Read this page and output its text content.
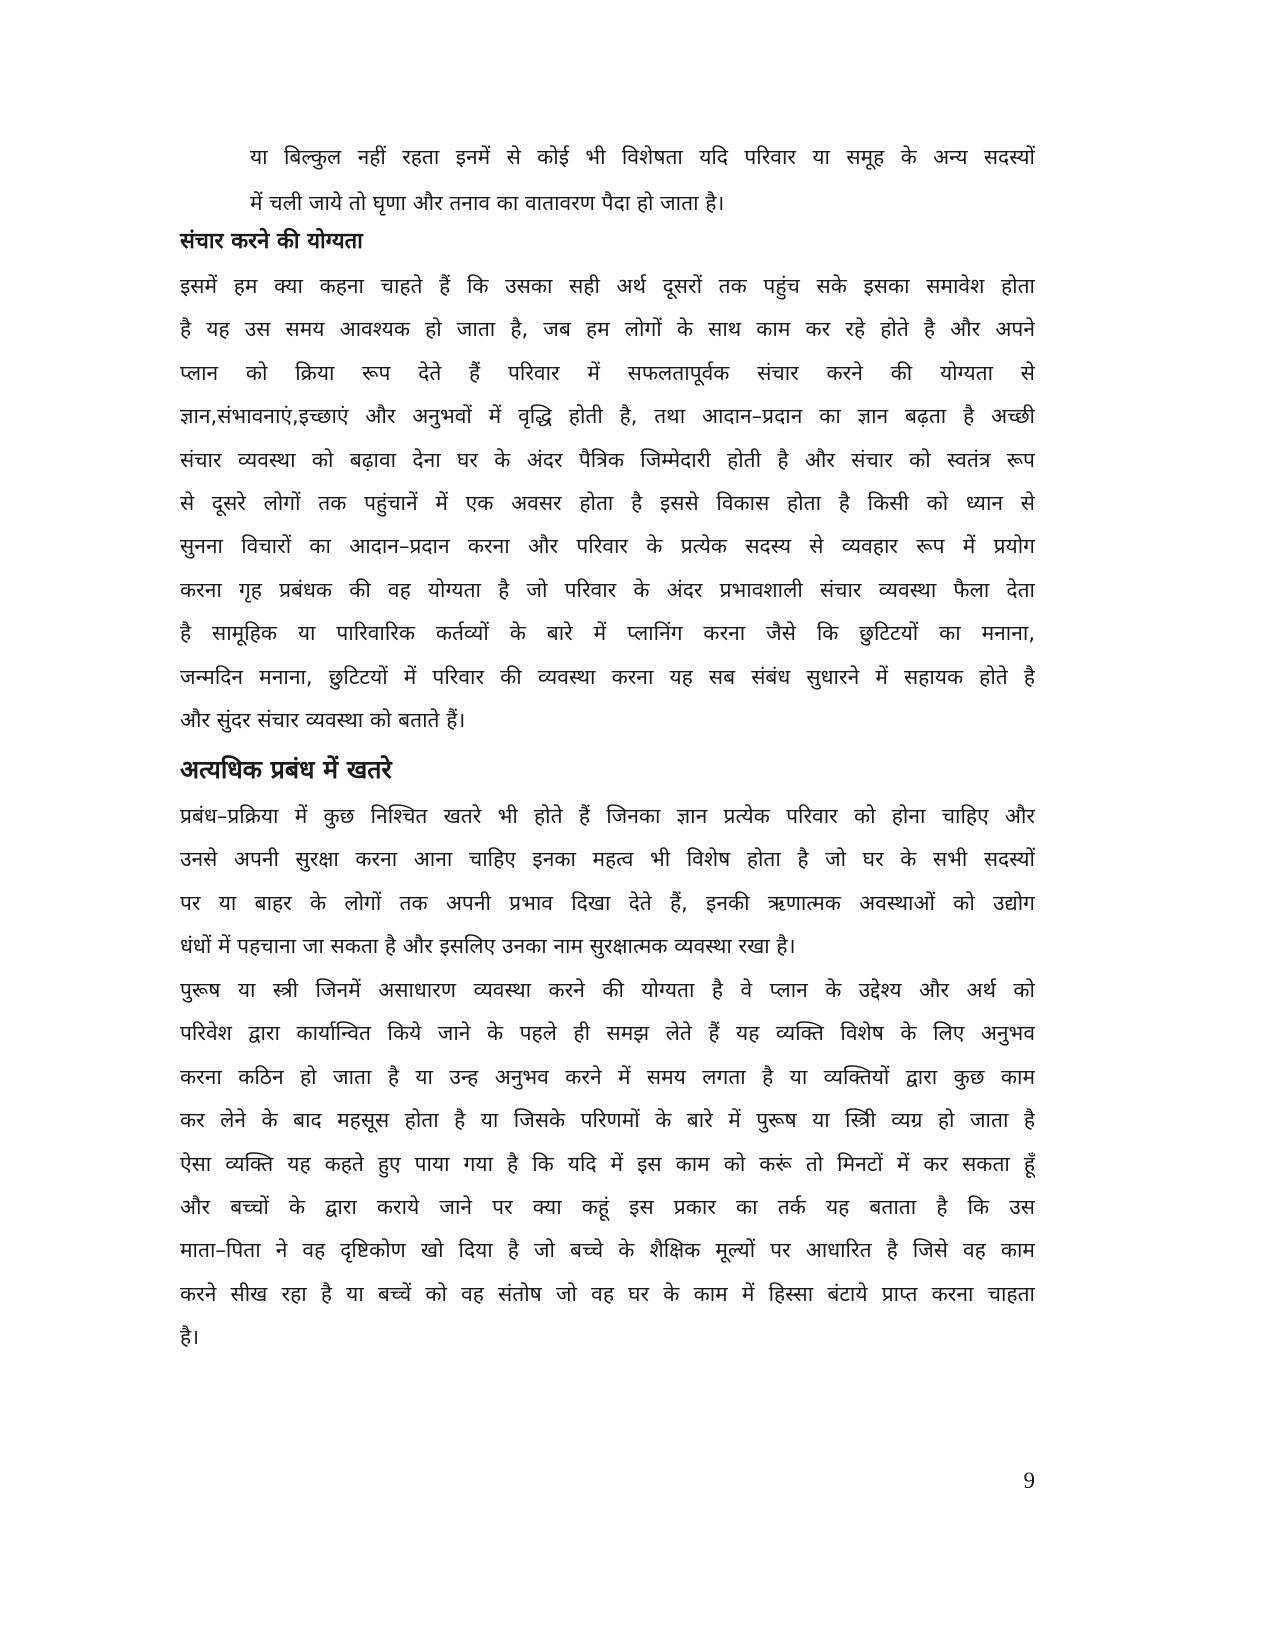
या बिल्कुल नहीं रहता इनमें से कोई भी विशेषता यदि परिवार या समूह के अन्य सदस्यों
में चली जाये तो घृणा और तनाव का वातावरण पैदा हो जाता है।
संचार करने की योग्यता
इसमें हम क्या कहना चाहते हैं कि उसका सही अर्थ दूसरों तक पहुंच सके इसका समावेश होता
है यह उस समय आवश्यक हो जाता है, जब हम लोगों के साथ काम कर रहे होते है और अपने
प्लान को क्रिया रूप देते हैं परिवार में सफलतापूर्वक संचार करने की योग्यता से
ज्ञान,संभावनाएं,इच्छाएं और अनुभवों में वृद्धि होती है, तथा आदान–प्रदान का ज्ञान बढ़ता है अच्छी
संचार व्यवस्था को बढ़ावा देना घर के अंदर पैत्रिक जिम्मेदारी होती है और संचार को स्वतंत्र रूप
से दूसरे लोगों तक पहुंचानें में एक अवसर होता है इससे विकास होता है किसी को ध्यान से
सुनना विचारों का आदान–प्रदान करना और परिवार के प्रत्येक सदस्य से व्यवहार रूप में प्रयोग
करना गृह प्रबंधक की वह योग्यता है जो परिवार के अंदर प्रभावशाली संचार व्यवस्था फैला देता
है सामूहिक या पारिवारिक कर्तव्यों के बारे में प्लानिंग करना जैसे कि छुटिटयों का मनाना,
जन्मदिन मनाना, छुटिटयों में परिवार की व्यवस्था करना यह सब संबंध सुधारने में सहायक होते है
और सुंदर संचार व्यवस्था को बताते हैं।
अत्यधिक प्रबंध में खतरे
प्रबंध–प्रक्रिया में कुछ निश्चित खतरे भी होते हैं जिनका ज्ञान प्रत्येक परिवार को होना चाहिए और
उनसे अपनी सुरक्षा करना आना चाहिए इनका महत्व भी विशेष होता है जो घर के सभी सदस्यों
पर या बाहर के लोगों तक अपनी प्रभाव दिखा देते हैं, इनकी ऋणात्मक अवस्थाओं को उद्योग
धंधों में पहचाना जा सकता है और इसलिए उनका नाम सुरक्षात्मक व्यवस्था रखा है।
पुरूष या स्त्री जिनमें असाधारण व्यवस्था करने की योग्यता है वे प्लान के उद्देश्य और अर्थ को
परिवेश द्वारा कार्यान्वित किये जाने के पहले ही समझ लेते हैं यह व्यक्ति विशेष के लिए अनुभव
करना कठिन हो जाता है या उन्ह अनुभव करने में समय लगता है या व्यक्तियों द्वारा कुछ काम
कर लेने के बाद महसूस होता है या जिसके परिणमों के बारे में पुरूष या स्त्रिी व्यग्र हो जाता है
ऐसा व्यक्ति यह कहते हुए पाया गया है कि यदि में इस काम को करूं तो मिनटों में कर सकता हूँ
और बच्चों के द्वारा कराये जाने पर क्या कहूं इस प्रकार का तर्क यह बताता है कि उस
माता–पिता ने वह दृष्टिकोण खो दिया है जो बच्चे के शैक्षिक मूल्यों पर आधारित है जिसे वह काम
करने सीख रहा है या बच्चें को वह संतोष जो वह घर के काम में हिस्सा बंटाये प्राप्त करना चाहता
है।
9
